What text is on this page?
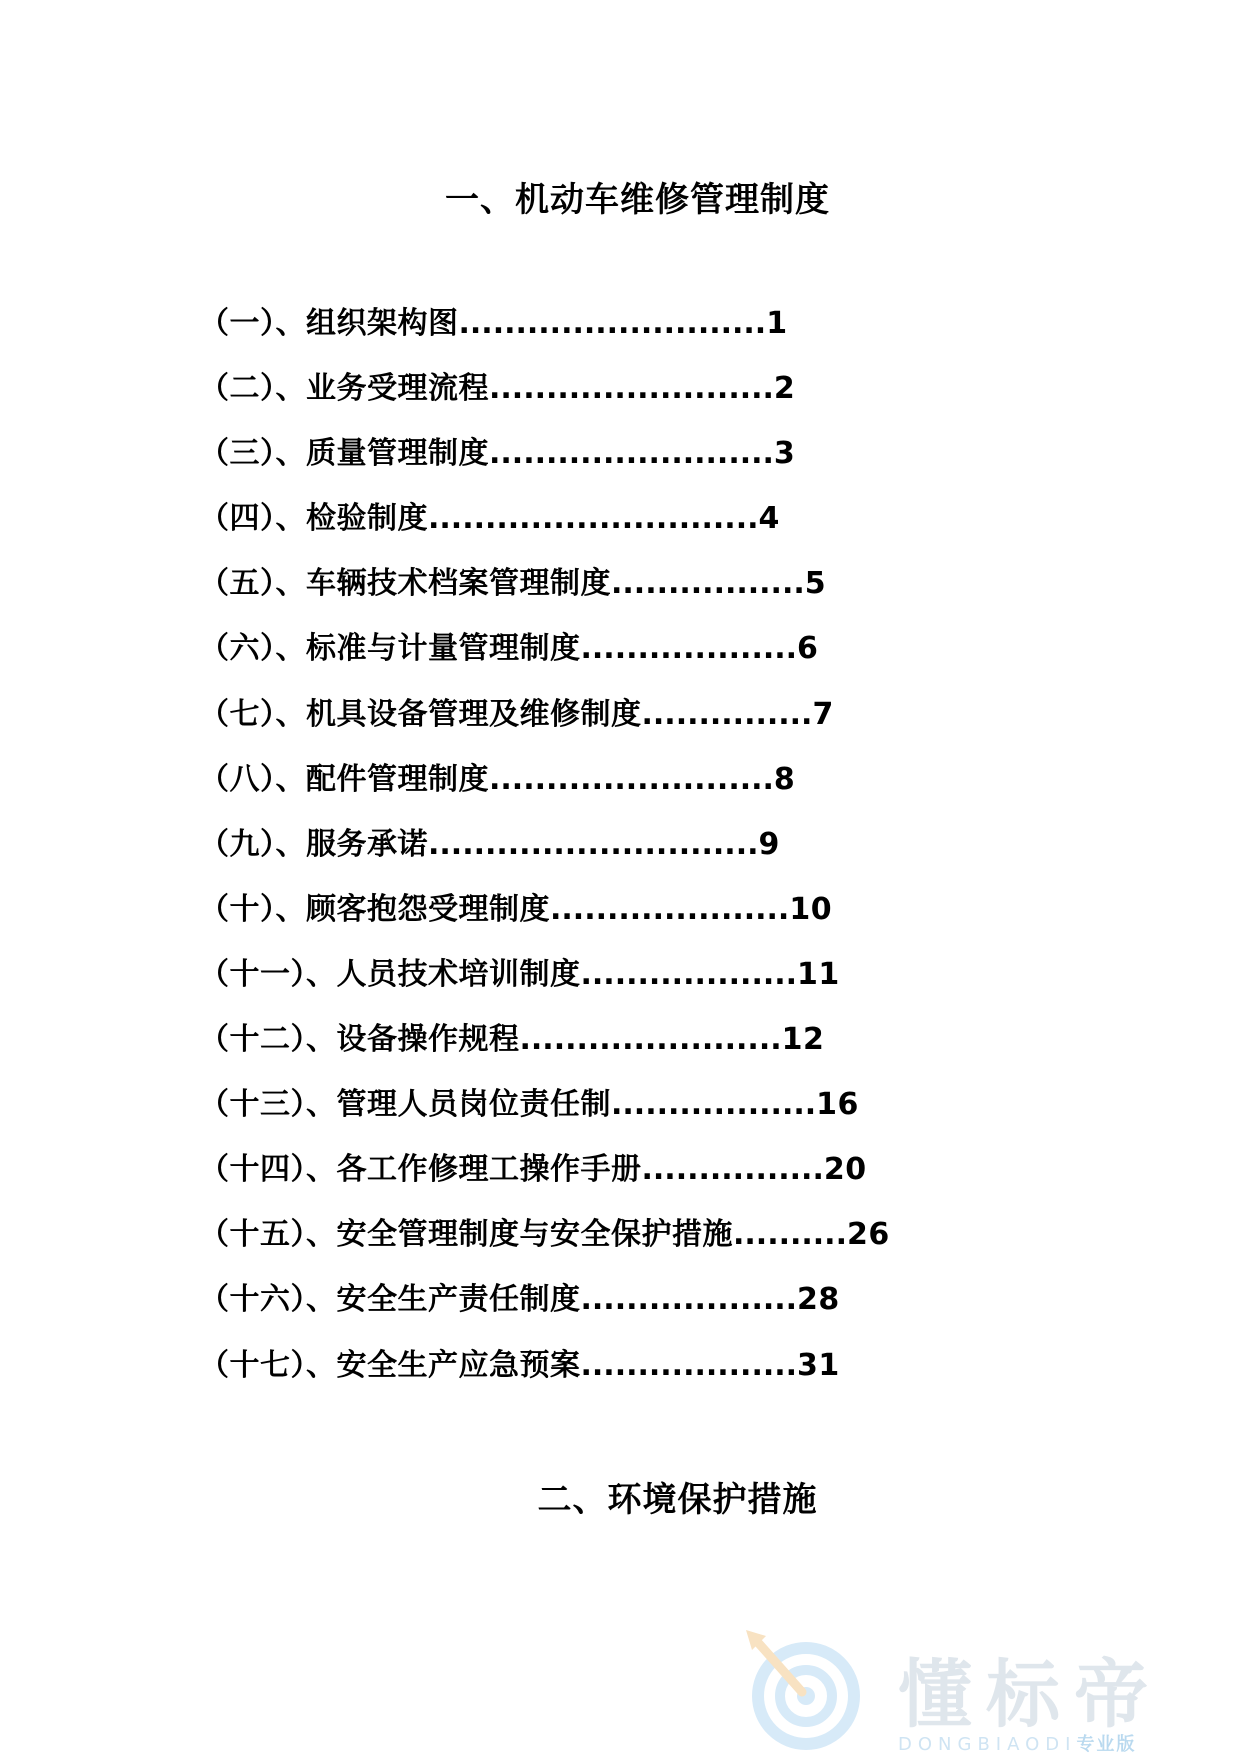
一、机动车维修管理制度
（一）、组织架构图 ........................... 1
（二）、业务受理流程 ......................... 2
（三）、质量管理制度 ......................... 3
（四）、检验制度 ............................. 4
（五）、车辆技术档案管理制度 ................. 5
（六）、标准与计量管理制度 ................... 6
（七）、机具设备管理及维修制度 ............... 7
（八）、配件管理制度 ......................... 8
（九）、服务承诺 ............................. 9
（十）、顾客抱怨受理制度 ..................... 10
（十一）、人员技术培训制度 ................... 11
（十二）、设备操作规程 ....................... 12
（十三）、管理人员岗位责任制 .................. 16
（十四）、各工作修理工操作手册 ................ 20
（十五）、安全管理制度与安全保护措施 .......... 26
（十六）、安全生产责任制度 ................... 28
（十七）、安全生产应急预案 ................... 31
二、环境保护措施
懂标帝
DONGBIAODI专业版
